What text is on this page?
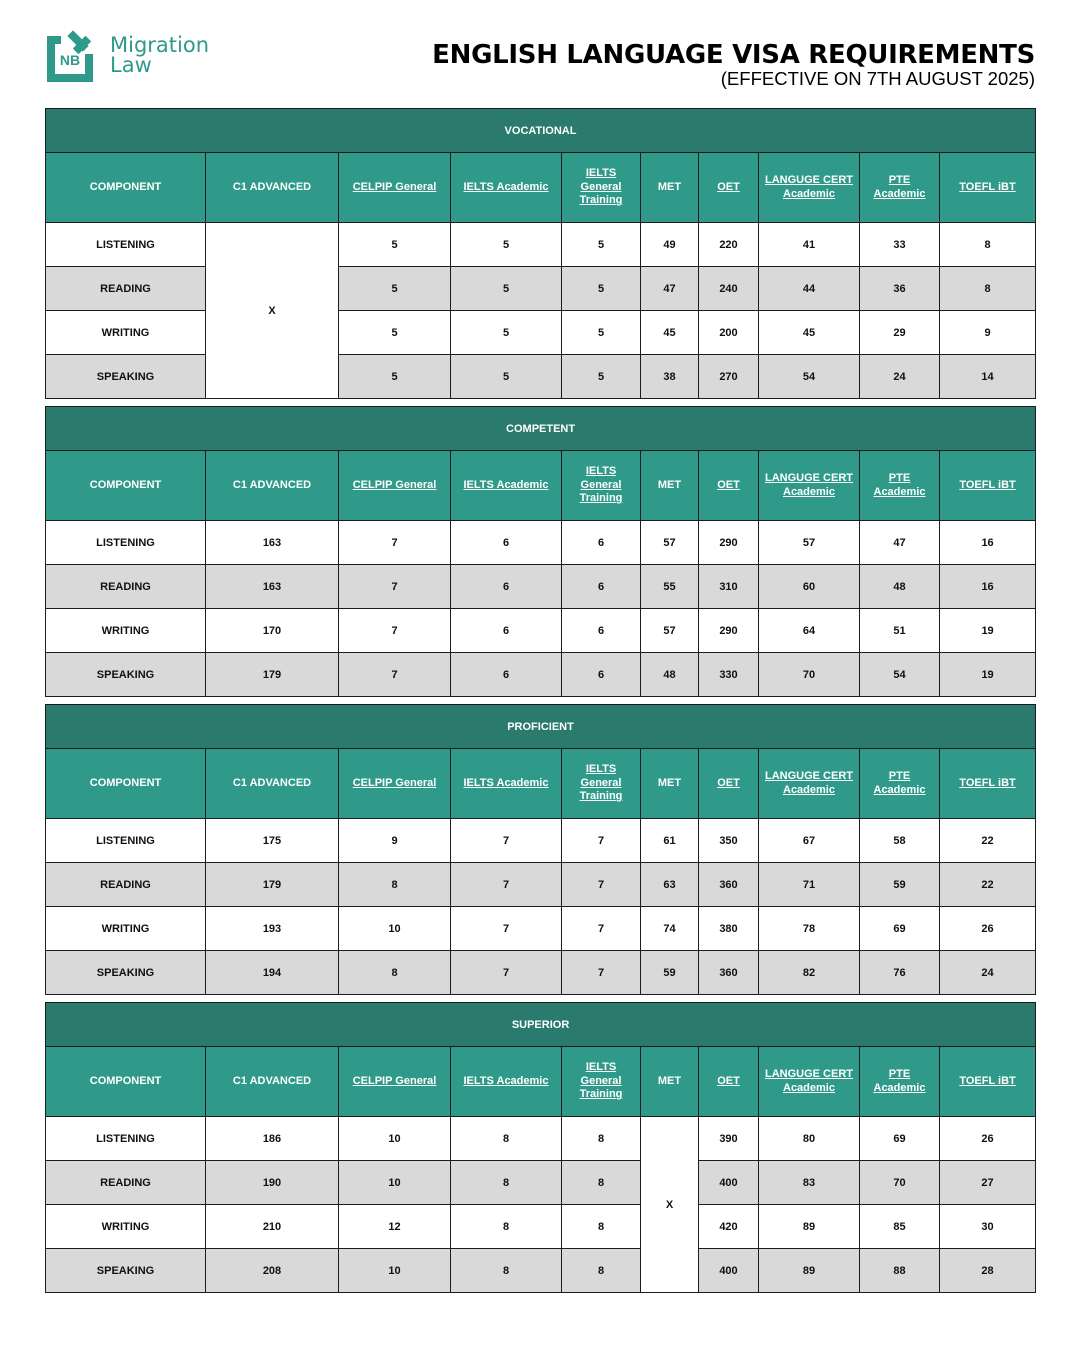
NB
Migration
Law	ENGLISH LANGUAGE VISA REQUIREMENTS
(EFFECTIVE ON 7TH AUGUST 2025)
VOCATIONAL									
COMPONENT	C1 ADVANCED	CELPIP General	IELTS Academic	IELTS General Training	MET	OET	LANGUGE CERT Academic	PTE Academic	TOEFL iBT
LISTENING	X	5	5	5	49	220	41	33	8
READING		5	5	5	47	240	44	36	8
WRITING		5	5	5	45	200	45	29	9
SPEAKING		5	5	5	38	270	54	24	14
COMPETENT									
COMPONENT	C1 ADVANCED	CELPIP General	IELTS Academic	IELTS General Training	MET	OET	LANGUGE CERT Academic	PTE Academic	TOEFL iBT
LISTENING	163	7	6	6	57	290	57	47	16
READING	163	7	6	6	55	310	60	48	16
WRITING	170	7	6	6	57	290	64	51	19
SPEAKING	179	7	6	6	48	330	70	54	19
PROFICIENT									
COMPONENT	C1 ADVANCED	CELPIP General	IELTS Academic	IELTS General Training	MET	OET	LANGUGE CERT Academic	PTE Academic	TOEFL iBT
LISTENING	175	9	7	7	61	350	67	58	22
READING	179	8	7	7	63	360	71	59	22
WRITING	193	10	7	7	74	380	78	69	26
SPEAKING	194	8	7	7	59	360	82	76	24
SUPERIOR									
COMPONENT	C1 ADVANCED	CELPIP General	IELTS Academic	IELTS General Training	MET	OET	LANGUGE CERT Academic	PTE Academic	TOEFL iBT
LISTENING	186	10	8	8	X	390	80	69	26
READING	190	10	8	8		400	83	70	27
WRITING	210	12	8	8		420	89	85	30
SPEAKING	208	10	8	8		400	89	88	28
